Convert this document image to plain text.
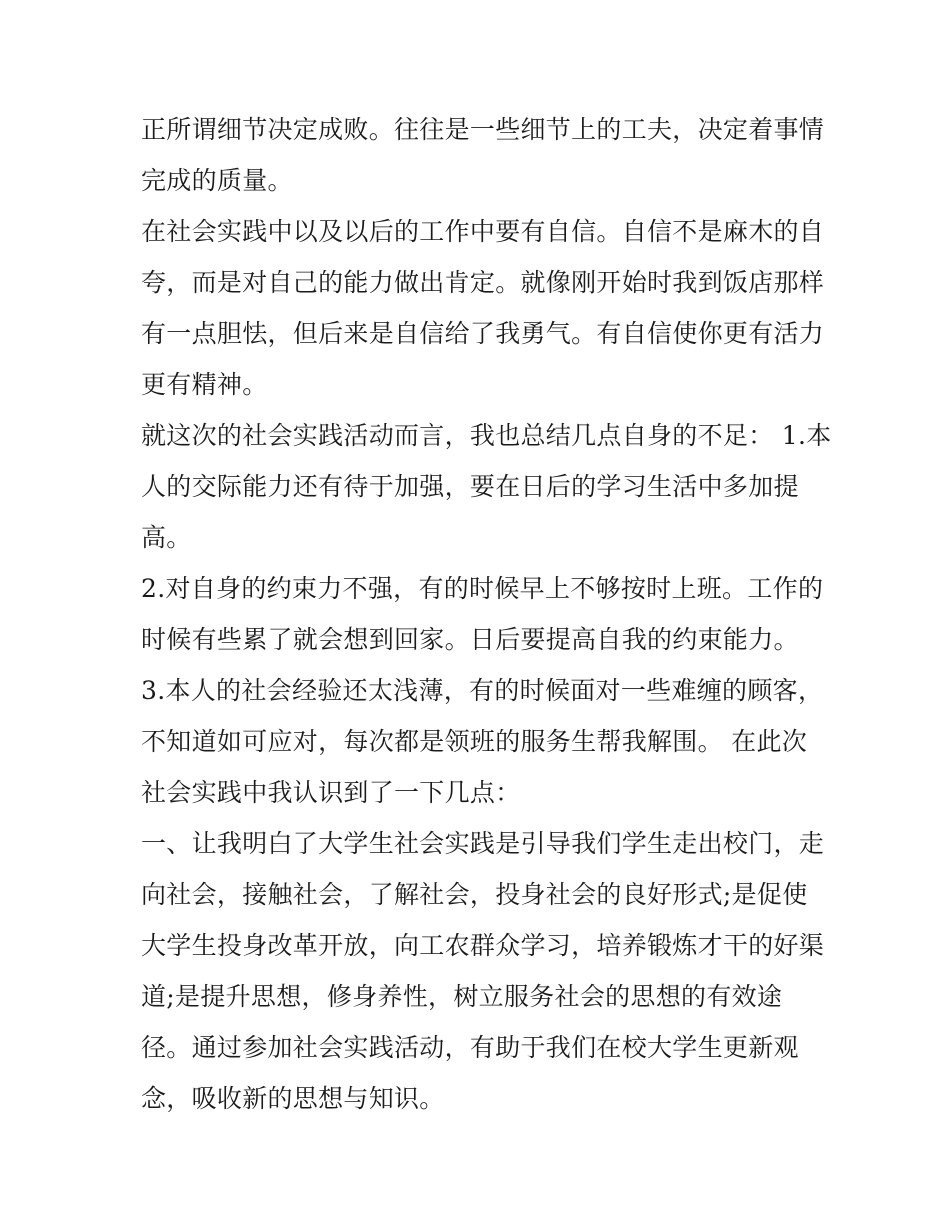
正所谓细节决定成败。往往是一些细节上的工夫，决定着事情
完成的质量。
在社会实践中以及以后的工作中要有自信。自信不是麻木的自
夸，而是对自己的能力做出肯定。就像刚开始时我到饭店那样
有一点胆怯，但后来是自信给了我勇气。有自信使你更有活力
更有精神。
就这次的社会实践活动而言，我也总结几点自身的不足： 1.本
人的交际能力还有待于加强，要在日后的学习生活中多加提
高。
2.对自身的约束力不强，有的时候早上不够按时上班。工作的
时候有些累了就会想到回家。日后要提高自我的约束能力。
3.本人的社会经验还太浅薄，有的时候面对一些难缠的顾客，
不知道如可应对，每次都是领班的服务生帮我解围。 在此次
社会实践中我认识到了一下几点：
一、让我明白了大学生社会实践是引导我们学生走出校门，走
向社会，接触社会，了解社会，投身社会的良好形式;是促使
大学生投身改革开放，向工农群众学习，培养锻炼才干的好渠
道;是提升思想，修身养性，树立服务社会的思想的有效途
径。通过参加社会实践活动，有助于我们在校大学生更新观
念，吸收新的思想与知识。
